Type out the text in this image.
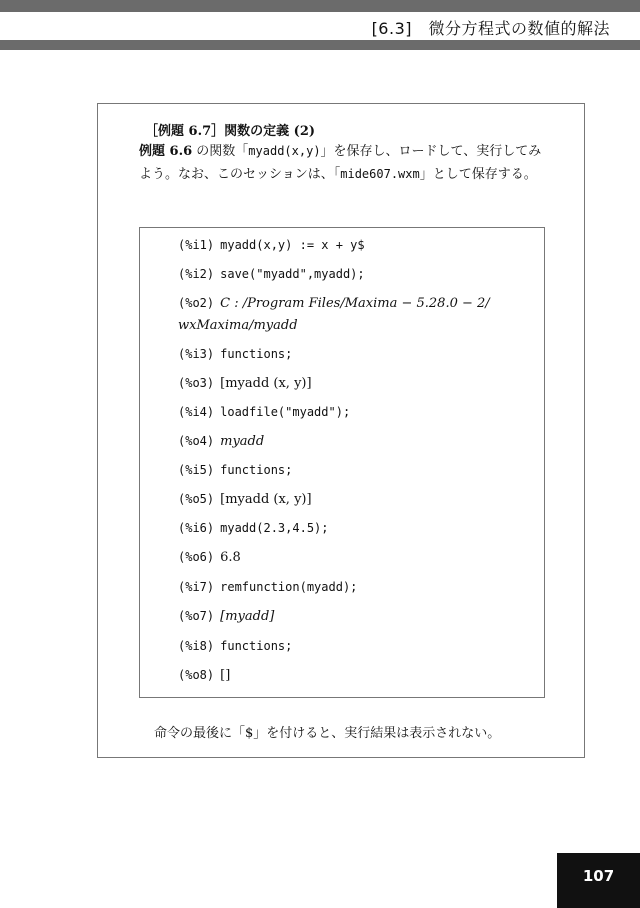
[6.3]　微分方程式の数値的解法
［例題 6.7］関数の定義 (2)
例題 6.6 の関数「myadd(x,y)」を保存し、ロードして、実行してみよう。なお、このセッションは、「mide607.wxm」として保存する。
(%i1) myadd(x,y) := x + y$
(%i2) save("myadd",myadd);
(%o2) C : /Program Files/Maxima − 5.28.0 − 2/
wxMaxima/myadd
(%i3) functions;
(%o3) [myadd (x, y)]
(%i4) loadfile("myadd");
(%o4) myadd
(%i5) functions;
(%o5) [myadd (x, y)]
(%i6) myadd(2.3,4.5);
(%o6) 6.8
(%i7) remfunction(myadd);
(%o7) [myadd]
(%i8) functions;
(%o8) []
命令の最後に「$」を付けると、実行結果は表示されない。
107
